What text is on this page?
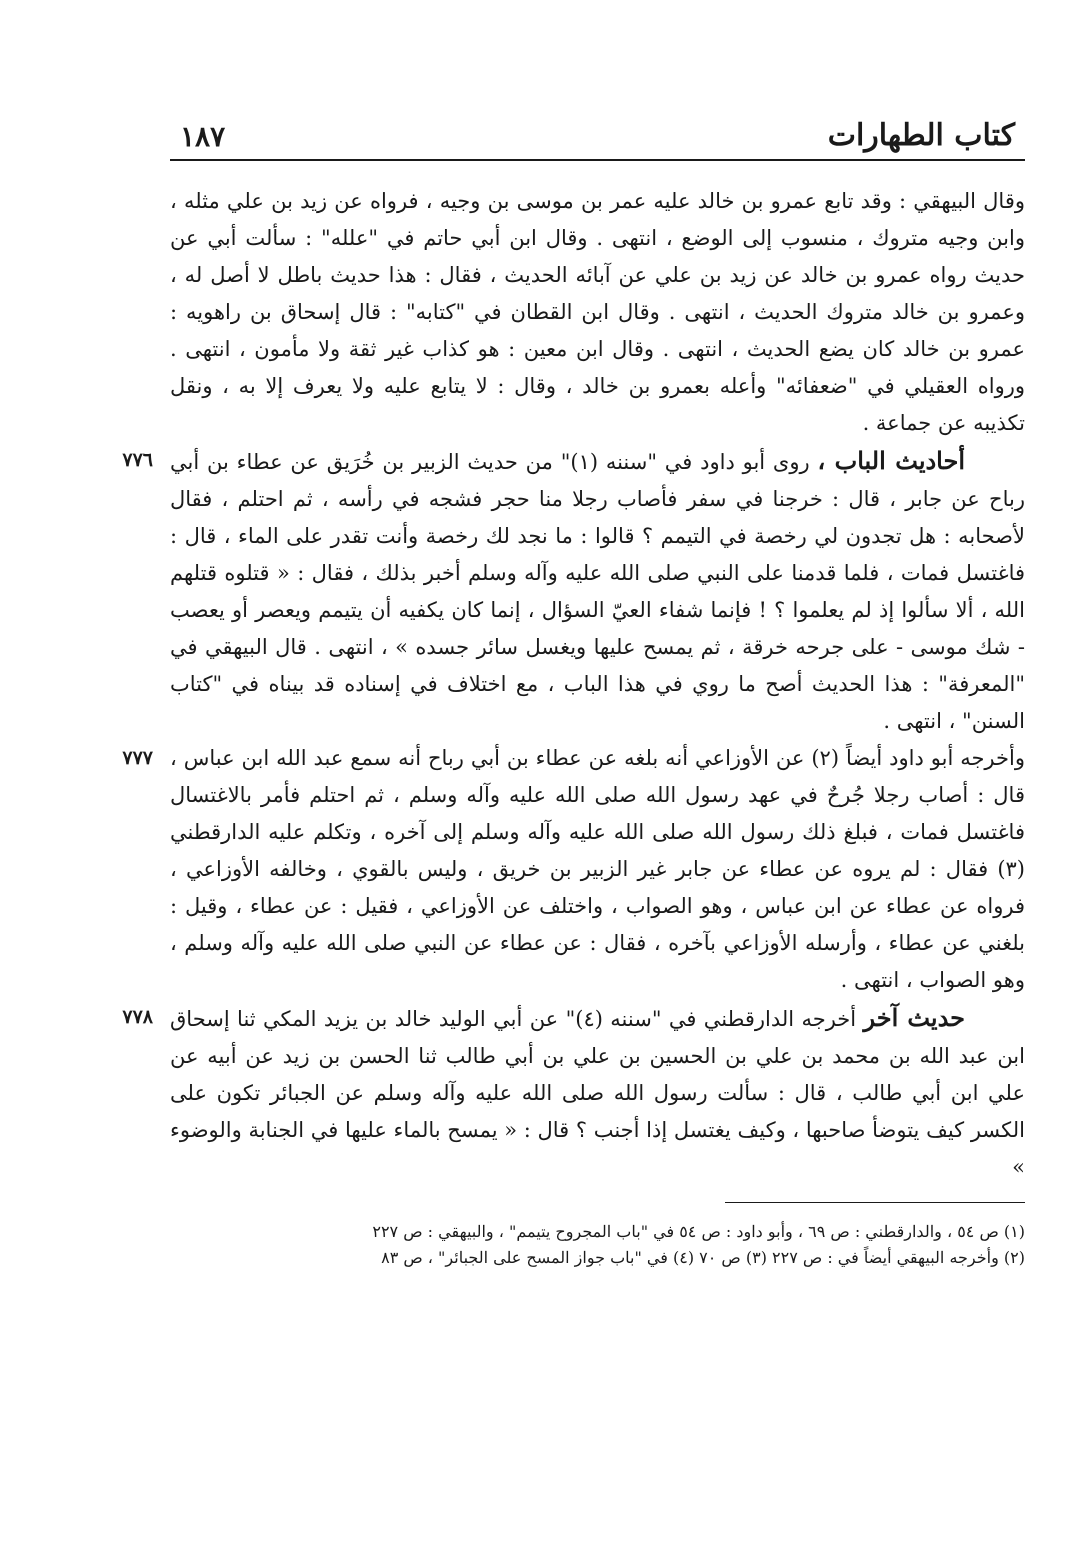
كتاب الطهارات
١٨٧

وقال البيهقي : وقد تابع عمرو بن خالد عليه عمر بن موسى بن وجيه ، فرواه عن زيد بن علي مثله ، وابن وجيه متروك ، منسوب إلى الوضع ، انتهى . وقال ابن أبي حاتم في "علله" : سألت أبي عن حديث رواه عمرو بن خالد عن زيد بن علي عن آبائه الحديث ، فقال : هذا حديث باطل لا أصل له ، وعمرو بن خالد متروك الحديث ، انتهى . وقال ابن القطان في "كتابه" : قال إسحاق بن راهويه : عمرو بن خالد كان يضع الحديث ، انتهى . وقال ابن معين : هو كذاب غير ثقة ولا مأمون ، انتهى . ورواه العقيلي في "ضعفائه" وأعله بعمرو بن خالد ، وقال : لا يتابع عليه ولا يعرف إلا به ، ونقل تكذيبه عن جماعة .

٧٧٦	أحاديث الباب ، روى أبو داود في "سننه (١)" من حديث الزبير بن خُرَيق عن عطاء بن أبي رباح عن جابر ، قال : خرجنا في سفر فأصاب رجلا منا حجر فشجه في رأسه ، ثم احتلم ، فقال لأصحابه : هل تجدون لي رخصة في التيمم ؟ قالوا : ما نجد لك رخصة وأنت تقدر على الماء ، قال : فاغتسل فمات ، فلما قدمنا على النبي صلى الله عليه وآله وسلم أخبر بذلك ، فقال : « قتلوه قتلهم الله ، ألا سألوا إذ لم يعلموا ؟ ! فإنما شفاء العيّ السؤال ، إنما كان يكفيه أن يتيمم ويعصر أو يعصب - شك موسى - على جرحه خرقة ، ثم يمسح عليها ويغسل سائر جسده » ، انتهى . قال البيهقي في "المعرفة" : هذا الحديث أصح ما روي في هذا الباب ، مع اختلاف في إسناده قد بيناه في "كتاب السنن" ، انتهى .

٧٧٧ وأخرجه أبو داود أيضاً (٢) عن الأوزاعي أنه بلغه عن عطاء بن أبي رباح أنه سمع عبد الله ابن عباس ، قال : أصاب رجلا جُرحٌ في عهد رسول الله صلى الله عليه وآله وسلم ، ثم احتلم فأمر بالاغتسال فاغتسل فمات ، فبلغ ذلك رسول الله صلى الله عليه وآله وسلم إلى آخره ، وتكلم عليه الدارقطني (٣) فقال : لم يروه عن عطاء عن جابر غير الزبير بن خريق ، وليس بالقوي ، وخالفه الأوزاعي ، فرواه عن عطاء عن ابن عباس ، وهو الصواب ، واختلف عن الأوزاعي ، فقيل : عن عطاء ، وقيل : بلغني عن عطاء ، وأرسله الأوزاعي بآخره ، فقال : عن عطاء عن النبي صلى الله عليه وآله وسلم ، وهو الصواب ، انتهى .

٧٧٨	حديث آخر أخرجه الدارقطني في "سننه (٤)" عن أبي الوليد خالد بن يزيد المكي ثنا إسحاق ابن عبد الله بن محمد بن علي بن الحسين بن علي بن أبي طالب ثنا الحسن بن زيد عن أبيه عن علي ابن أبي طالب ، قال : سألت رسول الله صلى الله عليه وآله وسلم عن الجبائر تكون على الكسر كيف يتوضأ صاحبها ، وكيف يغتسل إذا أجنب ؟ قال : « يمسح بالماء عليها في الجنابة والوضوء »

(١) ص ٥٤ ، والدارقطني : ص ٦٩ ، وأبو داود : ص ٥٤ في "باب المجروح يتيمم" ، والبيهقي : ص ٢٢٧
(٢) وأخرجه البيهقي أيضاً في : ص ٢٢٧ (٣) ص ٧٠ (٤) في "باب جواز المسح على الجبائر" ، ص ٨٣
